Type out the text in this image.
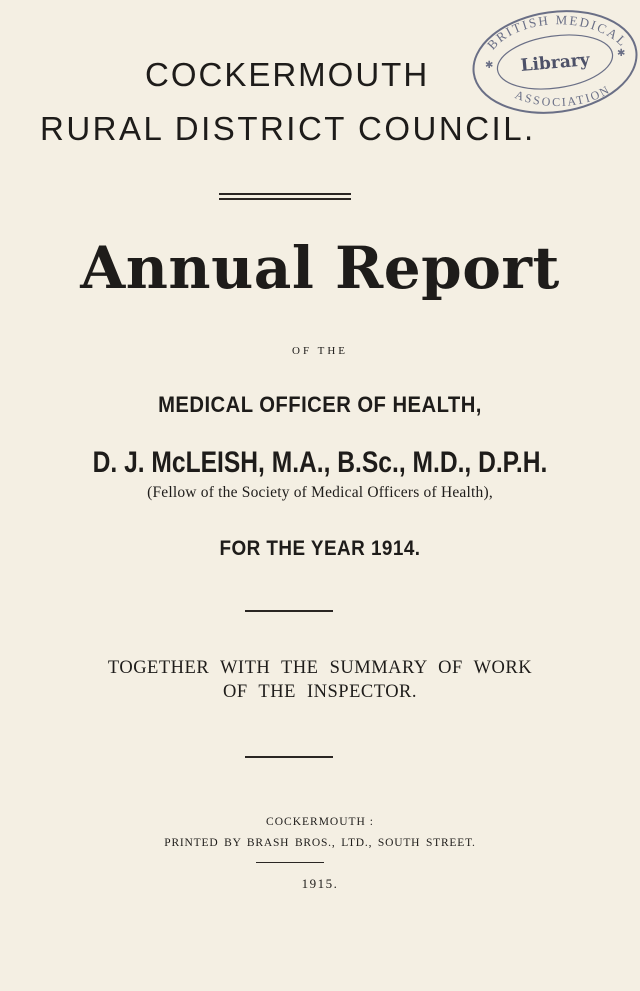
COCKERMOUTH
RURAL DISTRICT COUNCIL.
Annual Report
OF THE
MEDICAL OFFICER OF HEALTH,
D. J. McLEISH, M.A., B.Sc., M.D., D.P.H.
(Fellow of the Society of Medical Officers of Health),
FOR THE YEAR 1914.
TOGETHER WITH THE SUMMARY OF WORK
OF THE INSPECTOR.
COCKERMOUTH :
PRINTED BY BRASH BROS., LTD., SOUTH STREET.
1915.
BRITISH MEDICAL
ASSOCIATION
Library
✱
✱
